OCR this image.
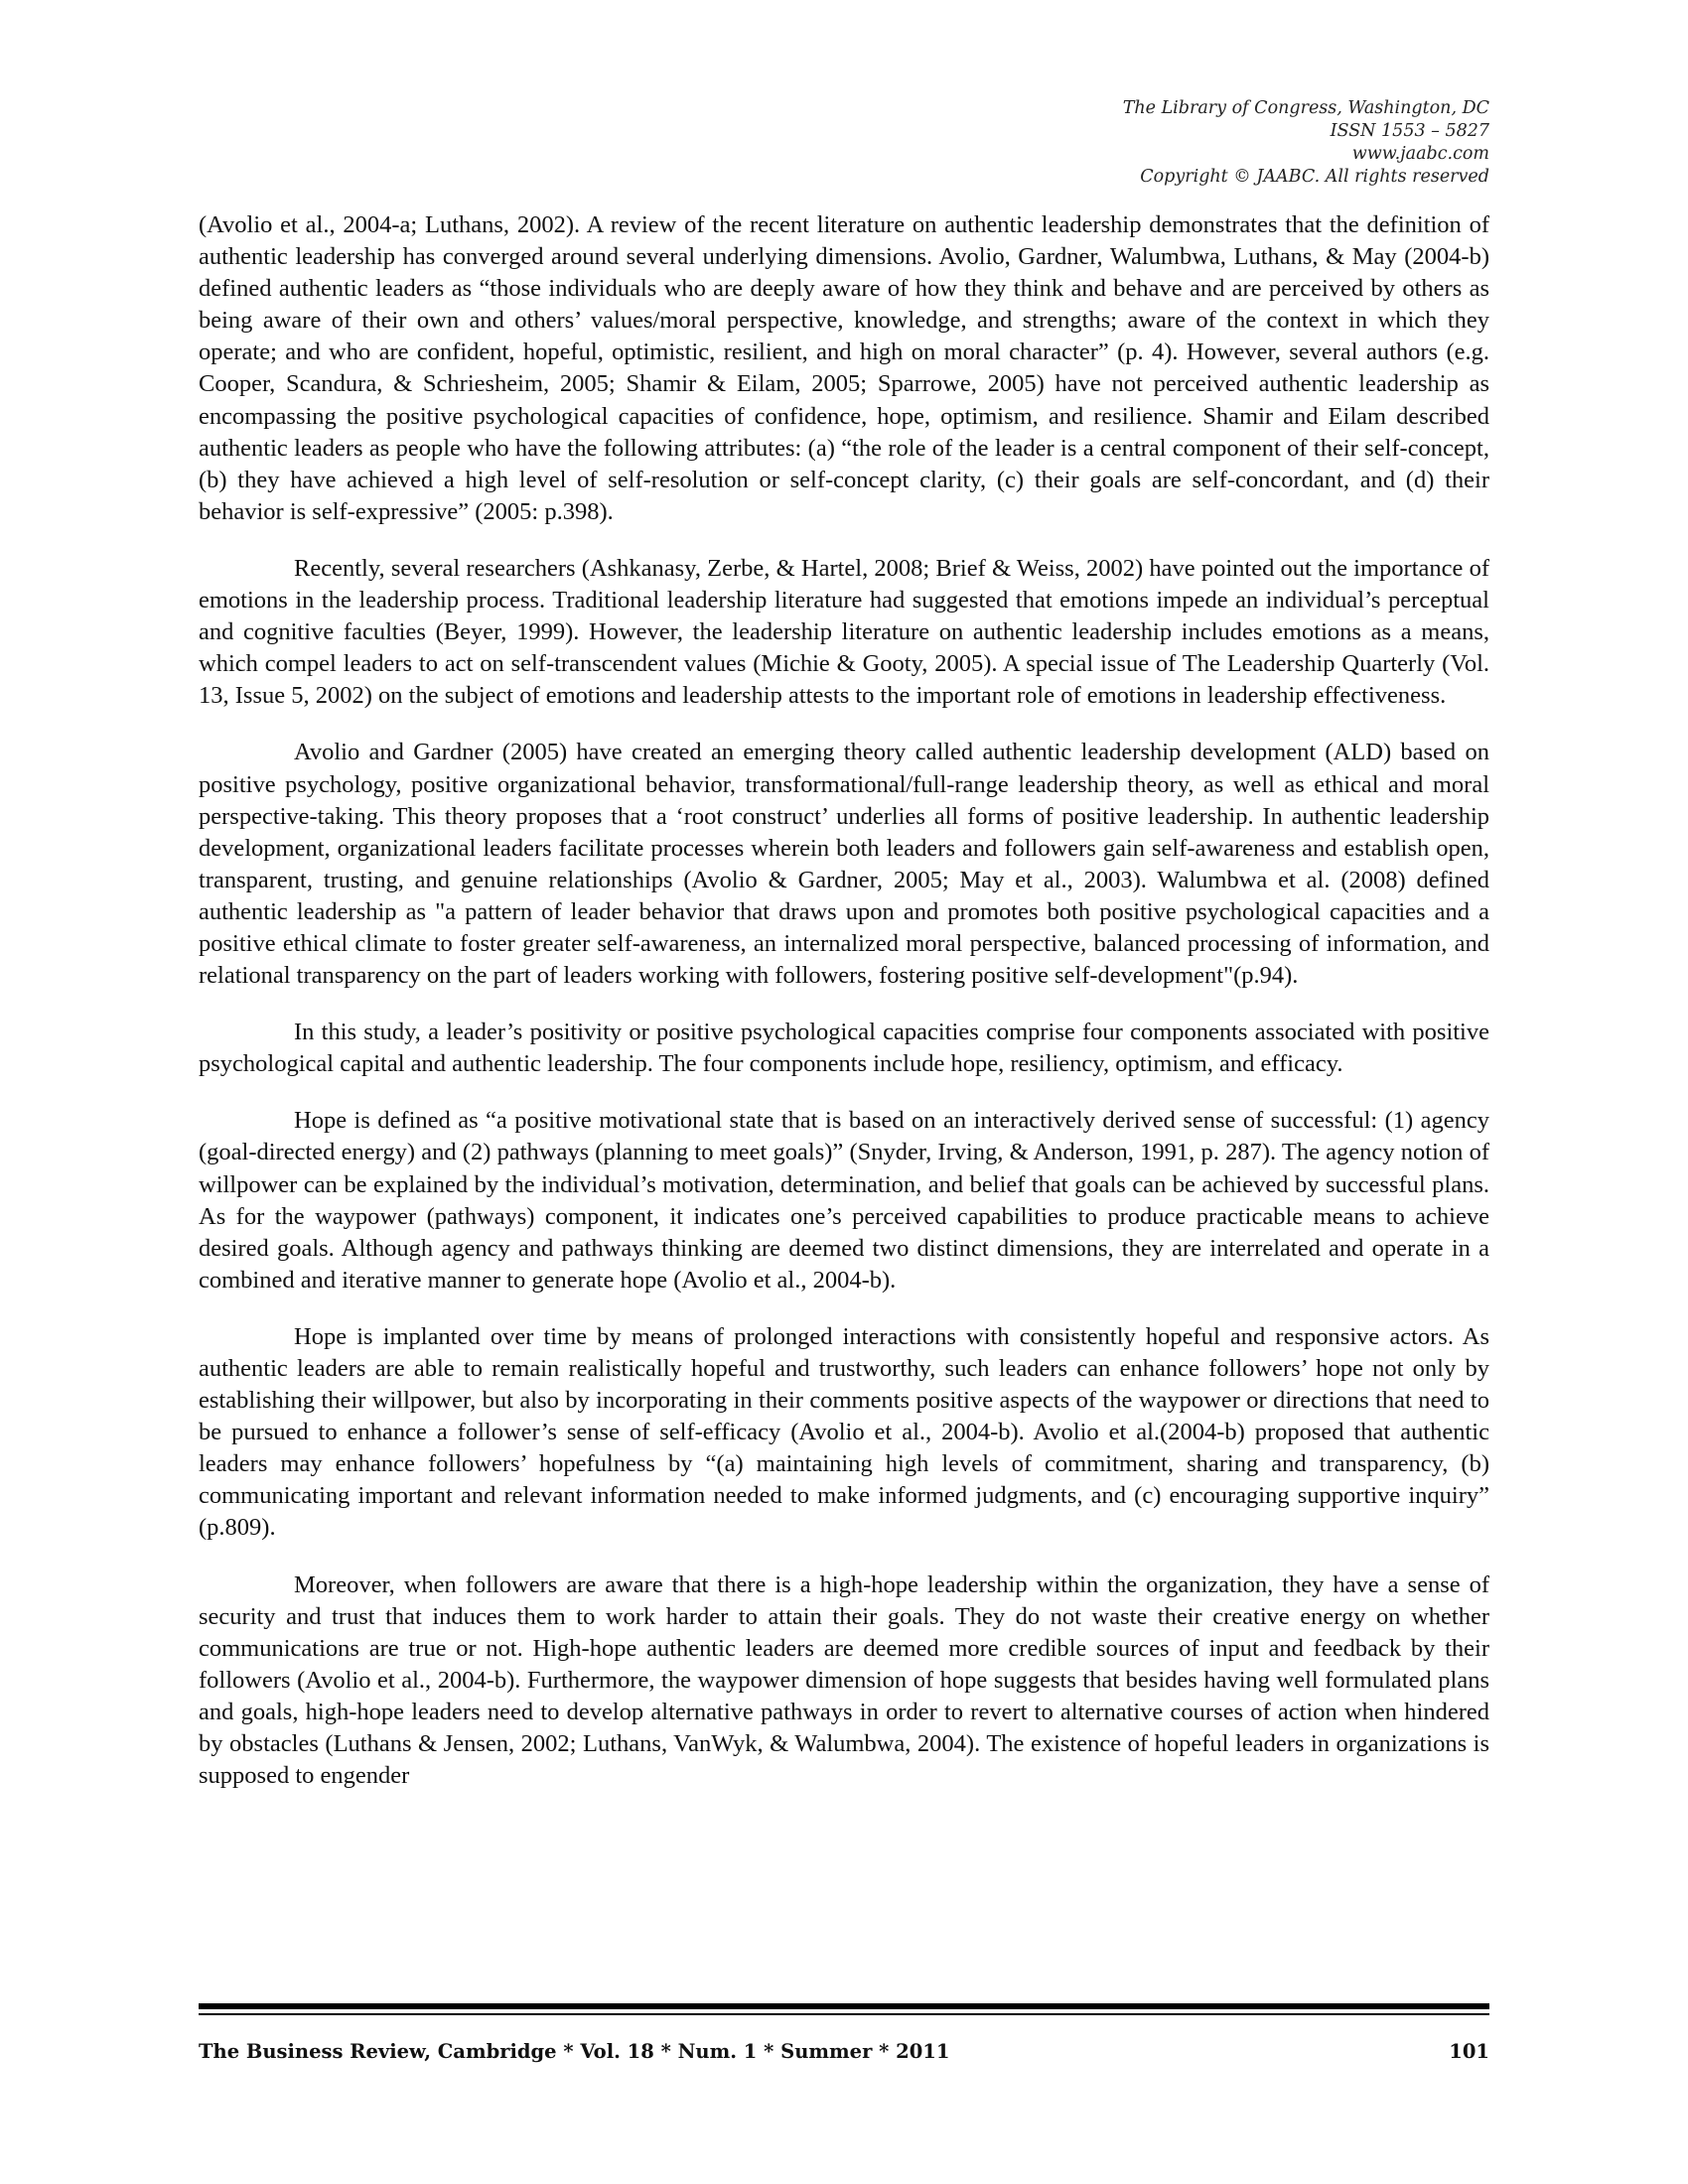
The Library of Congress, Washington, DC
ISSN 1553 – 5827
www.jaabc.com
Copyright © JAABC. All rights reserved

(Avolio et al., 2004-a; Luthans, 2002). A review of the recent literature on authentic leadership demonstrates that the definition of authentic leadership has converged around several underlying dimensions. Avolio, Gardner, Walumbwa, Luthans, & May (2004-b) defined authentic leaders as “those individuals who are deeply aware of how they think and behave and are perceived by others as being aware of their own and others’ values/moral perspective, knowledge, and strengths; aware of the context in which they operate; and who are confident, hopeful, optimistic, resilient, and high on moral character” (p. 4). However, several authors (e.g. Cooper, Scandura, & Schriesheim, 2005; Shamir & Eilam, 2005; Sparrowe, 2005) have not perceived authentic leadership as encompassing the positive psychological capacities of confidence, hope, optimism, and resilience. Shamir and Eilam described authentic leaders as people who have the following attributes: (a) “the role of the leader is a central component of their self-concept, (b) they have achieved a high level of self-resolution or self-concept clarity, (c) their goals are self-concordant, and (d) their behavior is self-expressive” (2005: p.398).

Recently, several researchers (Ashkanasy, Zerbe, & Hartel, 2008; Brief & Weiss, 2002) have pointed out the importance of emotions in the leadership process. Traditional leadership literature had suggested that emotions impede an individual’s perceptual and cognitive faculties (Beyer, 1999). However, the leadership literature on authentic leadership includes emotions as a means, which compel leaders to act on self-transcendent values (Michie & Gooty, 2005). A special issue of The Leadership Quarterly (Vol. 13, Issue 5, 2002) on the subject of emotions and leadership attests to the important role of emotions in leadership effectiveness.

Avolio and Gardner (2005) have created an emerging theory called authentic leadership development (ALD) based on positive psychology, positive organizational behavior, transformational/full-range leadership theory, as well as ethical and moral perspective-taking. This theory proposes that a ‘root construct’ underlies all forms of positive leadership. In authentic leadership development, organizational leaders facilitate processes wherein both leaders and followers gain self-awareness and establish open, transparent, trusting, and genuine relationships (Avolio & Gardner, 2005; May et al., 2003). Walumbwa et al. (2008) defined authentic leadership as "a pattern of leader behavior that draws upon and promotes both positive psychological capacities and a positive ethical climate to foster greater self-awareness, an internalized moral perspective, balanced processing of information, and relational transparency on the part of leaders working with followers, fostering positive self-development"(p.94).

In this study, a leader’s positivity or positive psychological capacities comprise four components associated with positive psychological capital and authentic leadership. The four components include hope, resiliency, optimism, and efficacy.

Hope is defined as “a positive motivational state that is based on an interactively derived sense of successful: (1) agency (goal-directed energy) and (2) pathways (planning to meet goals)” (Snyder, Irving, & Anderson, 1991, p. 287). The agency notion of willpower can be explained by the individual’s motivation, determination, and belief that goals can be achieved by successful plans. As for the waypower (pathways) component, it indicates one’s perceived capabilities to produce practicable means to achieve desired goals. Although agency and pathways thinking are deemed two distinct dimensions, they are interrelated and operate in a combined and iterative manner to generate hope (Avolio et al., 2004-b).

Hope is implanted over time by means of prolonged interactions with consistently hopeful and responsive actors. As authentic leaders are able to remain realistically hopeful and trustworthy, such leaders can enhance followers’ hope not only by establishing their willpower, but also by incorporating in their comments positive aspects of the waypower or directions that need to be pursued to enhance a follower’s sense of self-efficacy (Avolio et al., 2004-b). Avolio et al.(2004-b) proposed that authentic leaders may enhance followers’ hopefulness by “(a) maintaining high levels of commitment, sharing and transparency, (b) communicating important and relevant information needed to make informed judgments, and (c) encouraging supportive inquiry” (p.809).

Moreover, when followers are aware that there is a high-hope leadership within the organization, they have a sense of security and trust that induces them to work harder to attain their goals. They do not waste their creative energy on whether communications are true or not. High-hope authentic leaders are deemed more credible sources of input and feedback by their followers (Avolio et al., 2004-b). Furthermore, the waypower dimension of hope suggests that besides having well formulated plans and goals, high-hope leaders need to develop alternative pathways in order to revert to alternative courses of action when hindered by obstacles (Luthans & Jensen, 2002; Luthans, VanWyk, & Walumbwa, 2004). The existence of hopeful leaders in organizations is supposed to engender

The Business Review, Cambridge * Vol. 18 * Num. 1 * Summer * 2011	101
